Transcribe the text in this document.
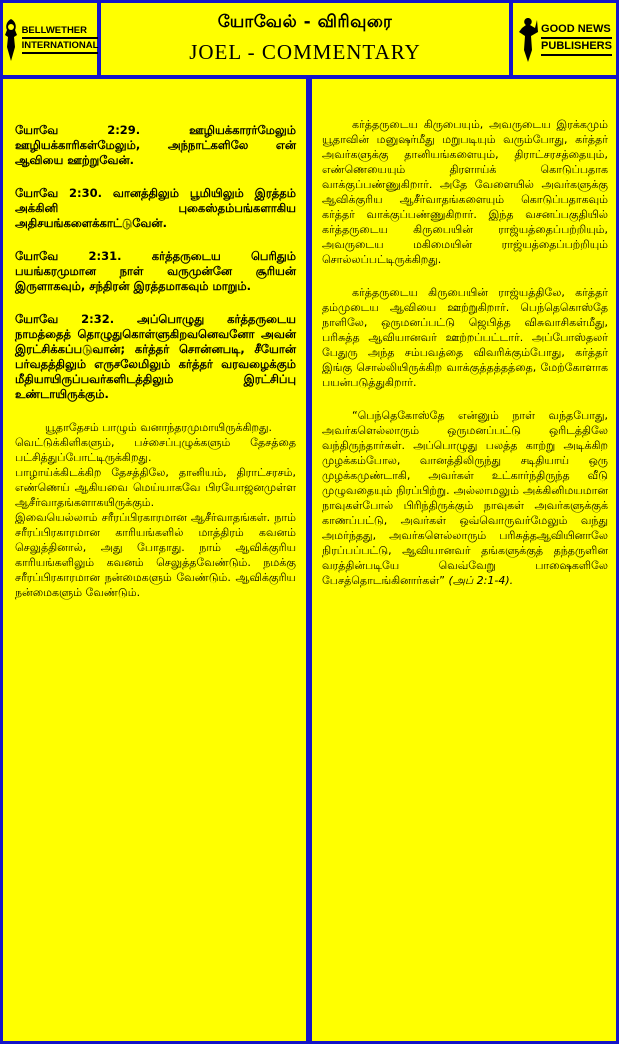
BELLWETHER
INTERNATIONAL
யோவேல் - விரிவுரை
JOEL - COMMENTARY
GOOD NEWS
PUBLISHERS

யோவே 2:29. ஊழியக்காரர்மேலும் ஊழியக்காரிகள்மேலும், அந்நாட்களிலே என் ஆவியை ஊற்றுவேன்.

யோவே 2:30. வானத்திலும் பூமியிலும் இரத்தம் அக்கினி புகைஸ்தம்பங்களாகிய அதிசயங்களைக்காட்டுவேன்.

யோவே 2:31. கர்த்தருடைய பெரிதும் பயங்கரமுமான நாள் வருமுன்னே சூரியன் இருளாகவும், சந்திரன் இரத்தமாகவும் மாறும்.

யோவே 2:32. அப்பொழுது கர்த்தருடைய நாமத்தைத் தொழுதுகொள்ளுகிறவனெவனோ அவன் இரட்சிக்கப்படுவான்; கர்த்தர் சொன்னபடி, சீயோன் பர்வதத்திலும் எருசலேமிலும் கர்த்தர் வரவழைக்கும் மீதியாயிருப்பவர்களிடத்திலும் இரட்சிப்பு உண்டாயிருக்கும்.

யூதாதேசம் பாழும் வனாந்தரமுமாயிருக்கிறது.
வெட்டுக்கிளிகளும், பச்சைப்புழுக்களும் தேசத்தை பட்சித்துப்போட்டிருக்கிறது.
பாழாய்க்கிடக்கிற தேசத்திலே, தானியம், திராட்சரசம், எண்ணெய் ஆகியவை மெய்யாகவே பிரயோஜனமுள்ள ஆசீர்வாதங்களாகயிருக்கும்.
இவையெல்லாம் சரீரப்பிரகாரமான ஆசீர்வாதங்கள். நாம் சரீரப்பிரகாரமான காரியங்களில் மாத்திரம் கவனம் செலுத்தினால், அது போதாது. நாம் ஆவிக்குரிய காரியங்களிலும் கவனம் செலுத்தவேண்டும். நமக்கு சரீரப்பிரகாரமான நன்மைகளும் வேண்டும். ஆவிக்குரிய நன்மைகளும் வேண்டும்.

கர்த்தருடைய கிருபையும், அவருடைய இரக்கமும் யூதாவின் மனுஷர்மீது மறுபடியும் வரும்போது, கர்த்தர் அவர்களுக்கு தானியங்களையும், திராட்சரசத்தையும், எண்ணெயையும் திரளாய்க் கொடுப்பதாக வாக்குப்பண்ணுகிறார். அதே வேளையில் அவர்களுக்கு ஆவிக்குரிய ஆசீர்வாதங்களையும் கொடுப்பதாகவும் கர்த்தர் வாக்குப்பண்ணுகிறார். இந்த வசனப்பகுதியில் கர்த்தருடைய கிருபையின் ராஜ்யத்தைப்பற்றியும், அவருடைய மகிமையின் ராஜ்யத்தைப்பற்றியும் சொல்லப்பட்டிருக்கிறது.

கர்த்தருடைய கிருபையின் ராஜ்யத்திலே, கர்த்தர் தம்முடைய ஆவியை ஊற்றுகிறார். பெந்தெகொஸ்தே நாளிலே, ஒருமனப்பட்டு ஜெபித்த விசுவாசிகள்மீது, பரிசுத்த ஆவியானவர் ஊற்றப்பட்டார். அப்போஸ்தலர் பேதுரு அந்த சம்பவத்தை விவரிக்கும்போது, கர்த்தர் இங்கு சொல்லியிருக்கிற வாக்குத்தத்தத்தை, மேற்கோளாக பயன்படுத்துகிறார்.

“பெந்தெகோஸ்தே என்னும் நாள் வந்தபோது, அவர்களெல்லாரும் ஒருமனப்பட்டு ஒரிடத்திலே வந்திருந்தார்கள். அப்பொழுது பலத்த காற்று அடிக்கிற முழக்கம்போல, வானத்திலிருந்து சடிதியாய் ஒரு முழக்கமுண்டாகி, அவர்கள் உட்கார்ந்திருந்த வீடு முழுவதையும் நிரப்பிற்று. அல்லாமலும் அக்கினிமயமான நாவுகள்போல் பிரிந்திருக்கும் நாவுகள் அவர்களுக்குக் காணப்பட்டு, அவர்கள் ஒவ்வொருவர்மேலும் வந்து அமர்ந்தது, அவர்களெல்லாரும் பரிசுத்தஆவியினாலே நிரப்பப்பட்டு, ஆவியானவர் தங்களுக்குத் தந்தருளின வரத்தின்படியே வெவ்வேறு பாஷைகளிலே பேசத்தொடங்கினார்கள்” (அப் 2:1-4).
